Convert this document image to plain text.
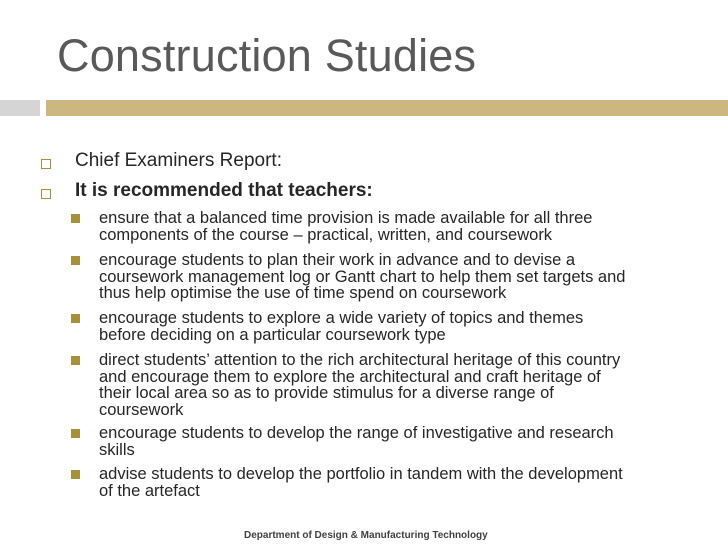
Construction Studies
Chief Examiners Report:
It is recommended that teachers:
ensure that a balanced time provision is made available for all three
components of the course – practical, written, and coursework
encourage students to plan their work in advance and to devise a
coursework management log or Gantt chart to help them set targets and
thus help optimise the use of time spend on coursework
encourage students to explore a wide variety of topics and themes
before deciding on a particular coursework type
direct students’ attention to the rich architectural heritage of this country
and encourage them to explore the architectural and craft heritage of
their local area so as to provide stimulus for a diverse range of
coursework
encourage students to develop the range of investigative and research
skills
advise students to develop the portfolio in tandem with the development
of the artefact
Department of Design & Manufacturing Technology
